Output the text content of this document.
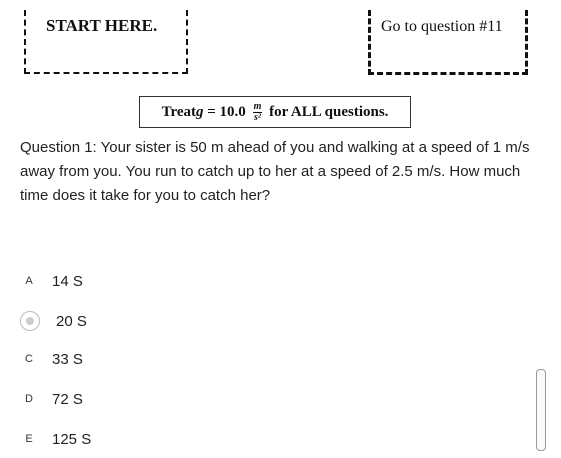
START HERE.	Go to question #11
Treat $g = 10.0 \frac{m}{\text{s²}}$ for ALL questions.
Question 1: Your sister is 50 m ahead of you and walking at a speed of 1 m/s away from you. You run to catch up to her at a speed of 2.5 m/s. How much time does it take for you to catch her?
A 14 S
20 S
C 33 S
D 72 S
E 125 S
